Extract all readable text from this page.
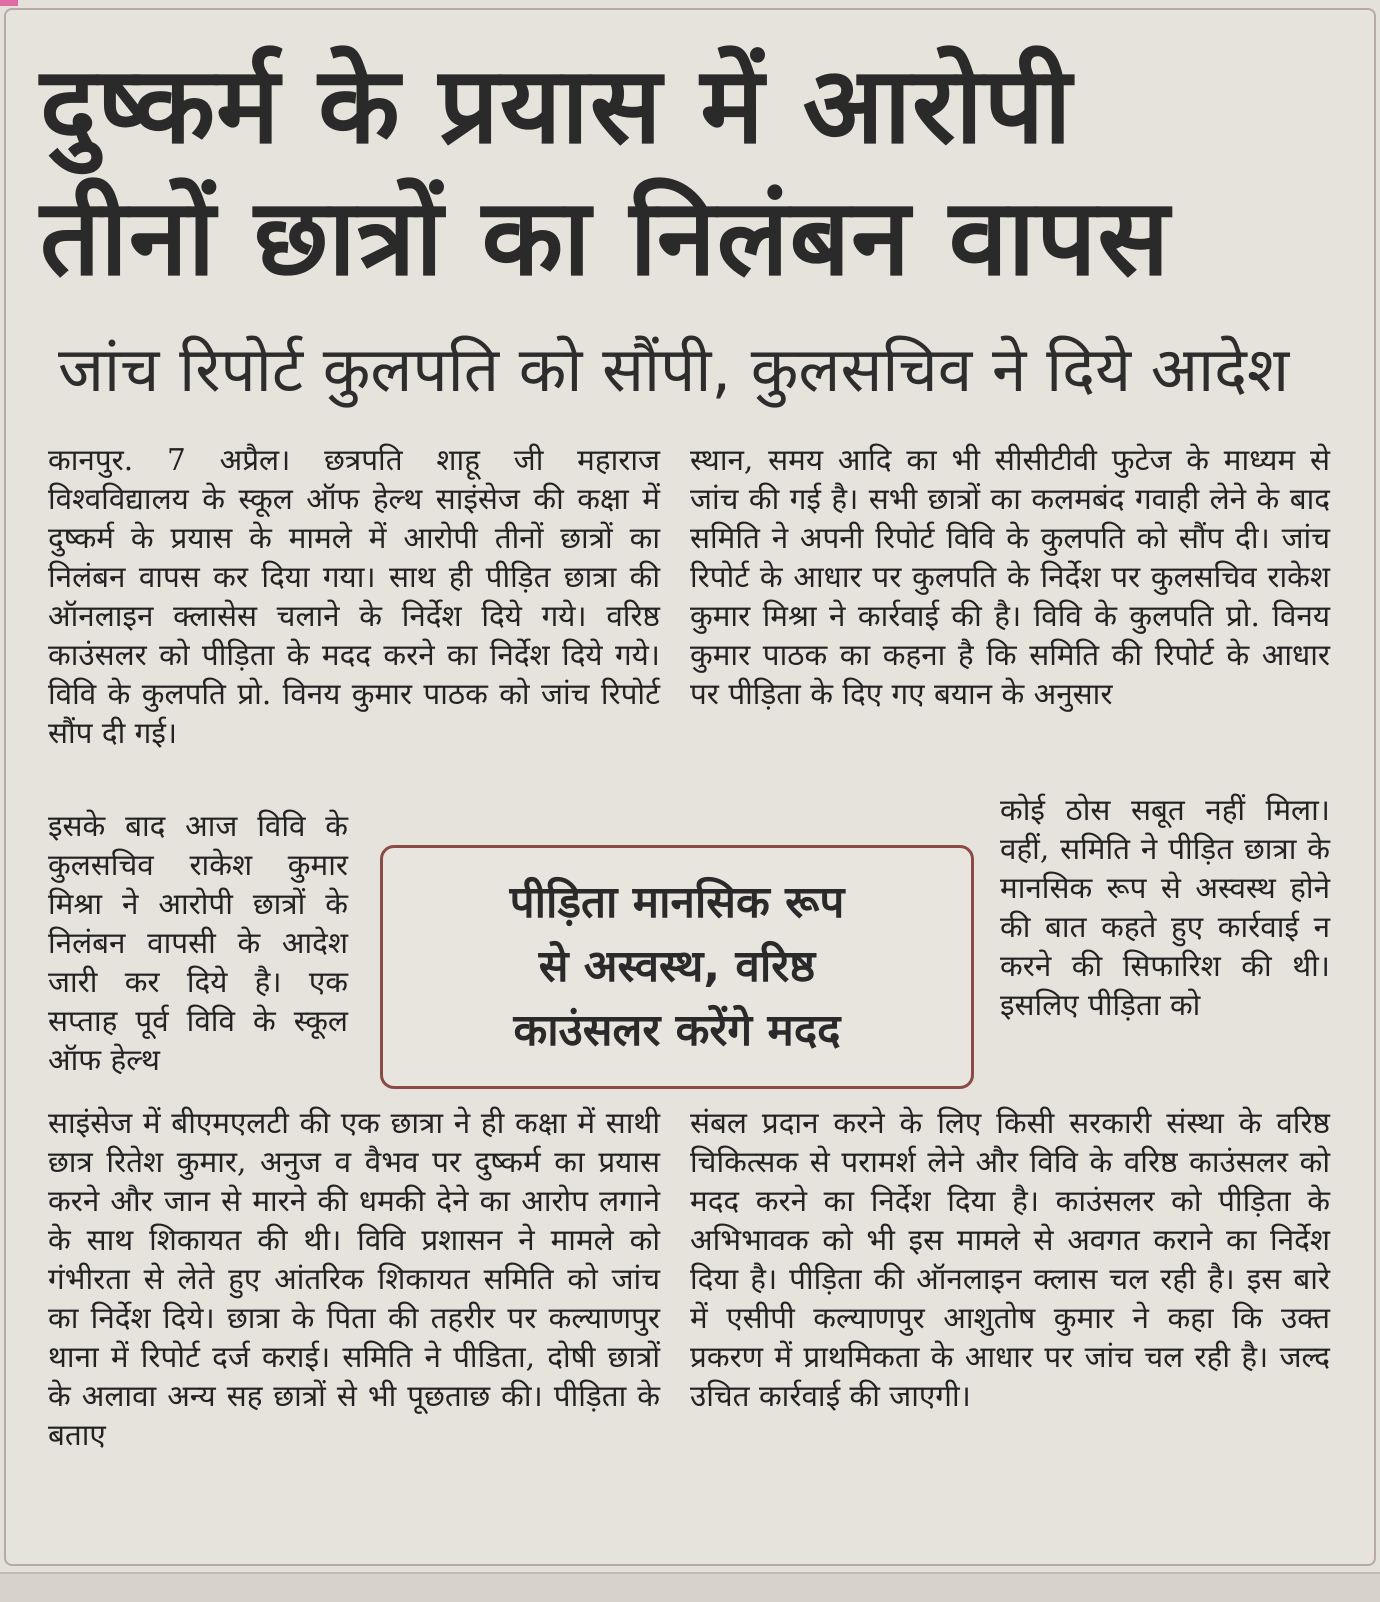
दुष्कर्म के प्रयास में आरोपी
तीनों छात्रों का निलंबन वापस
जांच रिपोर्ट कुलपति को सौंपी, कुलसचिव ने दिये आदेश

कानपुर. 7 अप्रैल। छत्रपति शाहू जी महाराज विश्वविद्यालय के स्कूल ऑफ हेल्थ साइंसेज की कक्षा में दुष्कर्म के प्रयास के मामले में आरोपी तीनों छात्रों का निलंबन वापस कर दिया गया। साथ ही पीड़ित छात्रा की ऑनलाइन क्लासेस चलाने के निर्देश दिये गये। वरिष्ठ काउंसलर को पीड़िता के मदद करने का निर्देश दिये गये। विवि के कुलपति प्रो. विनय कुमार पाठक को जांच रिपोर्ट सौंप दी गई।

इसके बाद आज विवि के कुलसचिव राकेश कुमार मिश्रा ने आरोपी छात्रों के निलंबन वापसी के आदेश जारी कर दिये है। एक सप्ताह पूर्व विवि के स्कूल ऑफ हेल्थ

पीड़िता मानसिक रूप
से अस्वस्थ, वरिष्ठ
काउंसलर करेंगे मदद

साइंसेज में बीएमएलटी की एक छात्रा ने ही कक्षा में साथी छात्र रितेश कुमार, अनुज व वैभव पर दुष्कर्म का प्रयास करने और जान से मारने की धमकी देने का आरोप लगाने के साथ शिकायत की थी। विवि प्रशासन ने मामले को गंभीरता से लेते हुए आंतरिक शिकायत समिति को जांच का निर्देश दिये। छात्रा के पिता की तहरीर पर कल्याणपुर थाना में रिपोर्ट दर्ज कराई। समिति ने पीडिता, दोषी छात्रों के अलावा अन्य सह छात्रों से भी पूछताछ की। पीड़िता के बताए

स्थान, समय आदि का भी सीसीटीवी फुटेज के माध्यम से जांच की गई है। सभी छात्रों का कलमबंद गवाही लेने के बाद समिति ने अपनी रिपोर्ट विवि के कुलपति को सौंप दी। जांच रिपोर्ट के आधार पर कुलपति के निर्देश पर कुलसचिव राकेश कुमार मिश्रा ने कार्रवाई की है। विवि के कुलपति प्रो. विनय कुमार पाठक का कहना है कि समिति की रिपोर्ट के आधार पर पीड़िता के दिए गए बयान के अनुसार

कोई ठोस सबूत नहीं मिला। वहीं, समिति ने पीड़ित छात्रा के मानसिक रूप से अस्वस्थ होने की बात कहते हुए कार्रवाई न करने की सिफारिश की थी। इसलिए पीड़िता को

संबल प्रदान करने के लिए किसी सरकारी संस्था के वरिष्ठ चिकित्सक से परामर्श लेने और विवि के वरिष्ठ काउंसलर को मदद करने का निर्देश दिया है। काउंसलर को पीड़िता के अभिभावक को भी इस मामले से अवगत कराने का निर्देश दिया है। पीड़िता की ऑनलाइन क्लास चल रही है। इस बारे में एसीपी कल्याणपुर आशुतोष कुमार ने कहा कि उक्त प्रकरण में प्राथमिकता के आधार पर जांच चल रही है। जल्द उचित कार्रवाई की जाएगी।
